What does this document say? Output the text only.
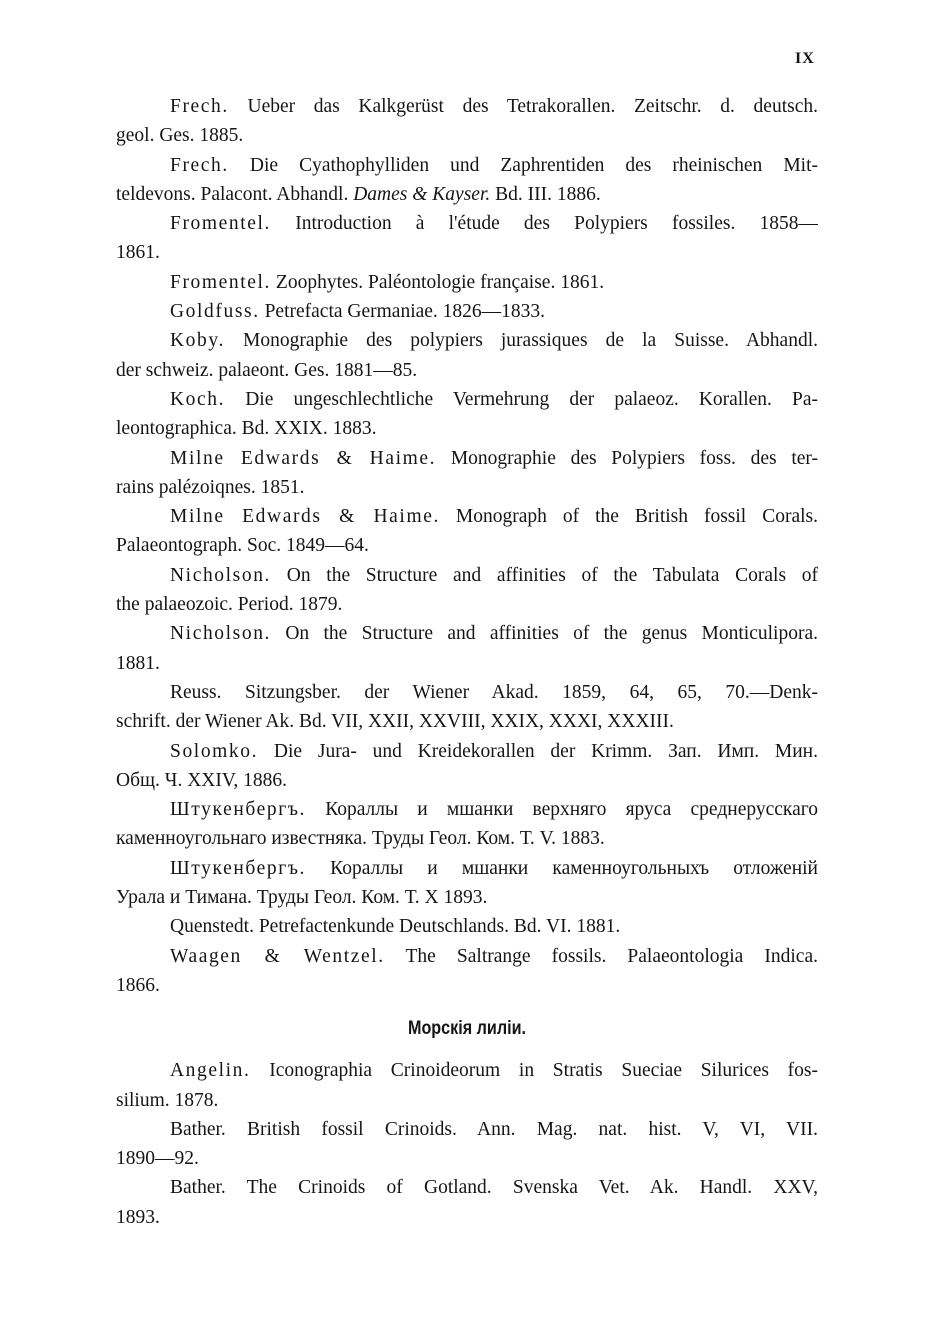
IX
Frech. Ueber das Kalkgerüst des Tetrakorallen. Zeitschr. d. deutsch.
geol. Ges. 1885.
Frech. Die Cyathophylliden und Zaphrentiden des rheinischen Mit-
teldevons. Palacont. Abhandl. Dames & Kayser. Bd. III. 1886.
Fromentel. Introduction à l'étude des Polypiers fossiles. 1858—
1861.
Fromentel. Zoophytes. Paléontologie française. 1861.
Goldfuss. Petrefacta Germaniae. 1826—1833.
Koby. Monographie des polypiers jurassiques de la Suisse. Abhandl.
der schweiz. palaeont. Ges. 1881—85.
Koch. Die ungeschlechtliche Vermehrung der palaeoz. Korallen. Pa-
leontographica. Bd. XXIX. 1883.
Milne Edwards & Haime. Monographie des Polypiers foss. des ter-
rains palézoiqnes. 1851.
Milne Edwards & Haime. Monograph of the British fossil Corals.
Palaeontograph. Soc. 1849—64.
Nicholson. On the Structure and affinities of the Tabulata Corals of
the palaeozoic. Period. 1879.
Nicholson. On the Structure and affinities of the genus Monticulipora.
1881.
Reuss. Sitzungsber. der Wiener Akad. 1859, 64, 65, 70.—Denk-
schrift. der Wiener Ak. Bd. VII, XXII, XXVIII, XXIX, XXXI, XXXIII.
Solomko. Die Jura- und Kreidekorallen der Krimm. Зап. Имп. Мин.
Общ. Ч. XXIV, 1886.
Штукенбергъ. Кораллы и мшанки верхняго яруса среднерусскаго
каменноугольнаго известняка. Труды Геол. Ком. Т. V. 1883.
Штукенбергъ. Кораллы и мшанки каменноугольныхъ отложеній
Урала и Тимана. Труды Геол. Ком. Т. X 1893.
Quenstedt. Petrefactenkunde Deutschlands. Bd. VI. 1881.
Waagen & Wentzel. The Saltrange fossils. Palaeontologia Indica.
1866.
Морскія лиліи.
Angelin. Iconographia Crinoideorum in Stratis Sueciae Silurices fos-
silium. 1878.
Bather. British fossil Crinoids. Ann. Mag. nat. hist. V, VI, VII.
1890—92.
Bather. The Crinoids of Gotland. Svenska Vet. Ak. Handl. XXV,
1893.
